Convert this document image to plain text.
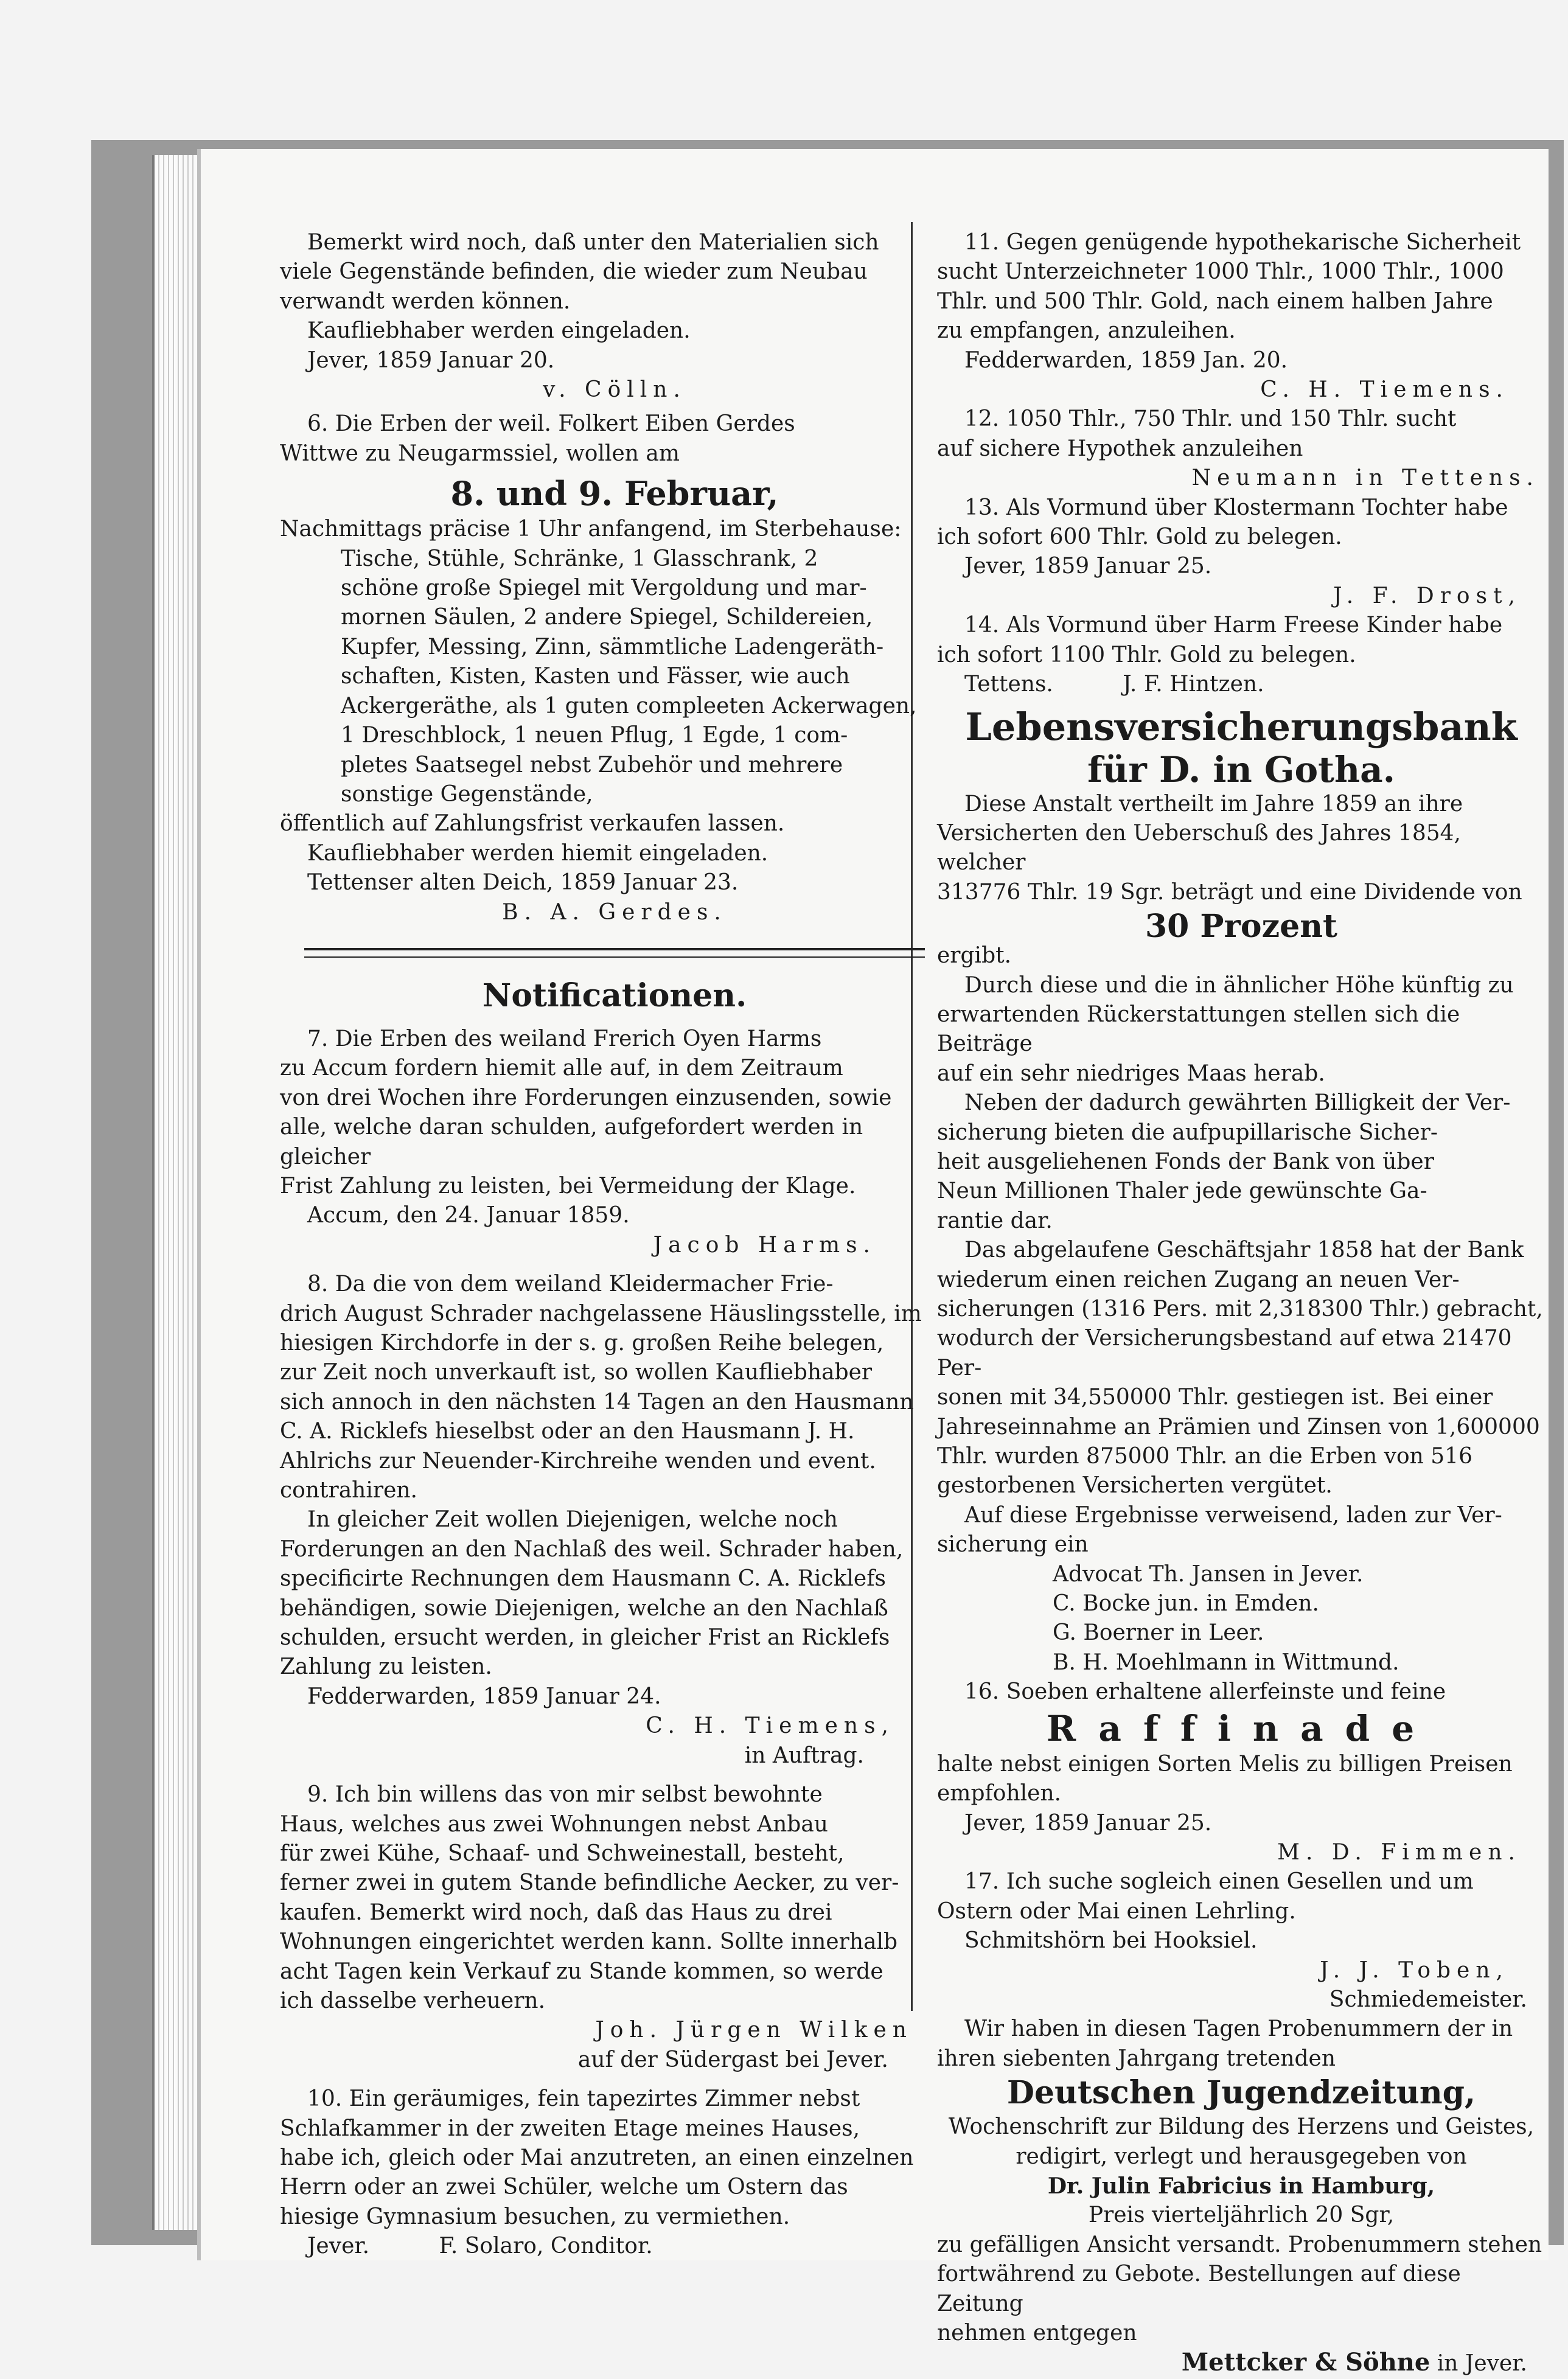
Bemerkt wird noch, daß unter den Materialien sich

viele Gegenstände befinden, die wieder zum Neubau

verwandt werden können.

Kaufliebhaber werden eingeladen.

Jever, 1859 Januar 20.

v. Cölln.

6. Die Erben der weil. Folkert Eiben Gerdes

Wittwe zu Neugarmssiel, wollen am

8. und 9. Februar,

Nachmittags präcise 1 Uhr anfangend, im Sterbehause:

Tische, Stühle, Schränke, 1 Glasschrank, 2

schöne große Spiegel mit Vergoldung und mar-

mornen Säulen, 2 andere Spiegel, Schildereien,

Kupfer, Messing, Zinn, sämmtliche Ladengeräth-

schaften, Kisten, Kasten und Fässer, wie auch

Ackergeräthe, als 1 guten compleeten Ackerwagen,

1 Dreschblock, 1 neuen Pflug, 1 Egde, 1 com-

pletes Saatsegel nebst Zubehör und mehrere

sonstige Gegenstände,

öffentlich auf Zahlungsfrist verkaufen lassen.

Kaufliebhaber werden hiemit eingeladen.

Tettenser alten Deich, 1859 Januar 23.

B. A. Gerdes.

Notificationen.

7. Die Erben des weiland Frerich Oyen Harms

zu Accum fordern hiemit alle auf, in dem Zeitraum

von drei Wochen ihre Forderungen einzusenden, sowie

alle, welche daran schulden, aufgefordert werden in gleicher

Frist Zahlung zu leisten, bei Vermeidung der Klage.

Accum, den 24. Januar 1859.

Jacob Harms.

8. Da die von dem weiland Kleidermacher Frie-

drich August Schrader nachgelassene Häuslingsstelle, im

hiesigen Kirchdorfe in der s. g. großen Reihe belegen,

zur Zeit noch unverkauft ist, so wollen Kaufliebhaber

sich annoch in den nächsten 14 Tagen an den Hausmann

C. A. Ricklefs hieselbst oder an den Hausmann J. H.

Ahlrichs zur Neuender-Kirchreihe wenden und event.

contrahiren.

In gleicher Zeit wollen Diejenigen, welche noch

Forderungen an den Nachlaß des weil. Schrader haben,

specificirte Rechnungen dem Hausmann C. A. Ricklefs

behändigen, sowie Diejenigen, welche an den Nachlaß

schulden, ersucht werden, in gleicher Frist an Ricklefs

Zahlung zu leisten.

Fedderwarden, 1859 Januar 24.

C. H. Tiemens,

in Auftrag.

9. Ich bin willens das von mir selbst bewohnte

Haus, welches aus zwei Wohnungen nebst Anbau

für zwei Kühe, Schaaf- und Schweinestall, besteht,

ferner zwei in gutem Stande befindliche Aecker, zu ver-

kaufen. Bemerkt wird noch, daß das Haus zu drei

Wohnungen eingerichtet werden kann. Sollte innerhalb

acht Tagen kein Verkauf zu Stande kommen, so werde

ich dasselbe verheuern.

Joh. Jürgen Wilken

auf der Südergast bei Jever.

10. Ein geräumiges, fein tapezirtes Zimmer nebst

Schlafkammer in der zweiten Etage meines Hauses,

habe ich, gleich oder Mai anzutreten, an einen einzelnen

Herrn oder an zwei Schüler, welche um Ostern das

hiesige Gymnasium besuchen, zu vermiethen.

Jever.          F. Solaro, Conditor.

11. Gegen genügende hypothekarische Sicherheit

sucht Unterzeichneter 1000 Thlr., 1000 Thlr., 1000

Thlr. und 500 Thlr. Gold, nach einem halben Jahre

zu empfangen, anzuleihen.

Fedderwarden, 1859 Jan. 20.

C. H. Tiemens.

12. 1050 Thlr., 750 Thlr. und 150 Thlr. sucht

auf sichere Hypothek anzuleihen

Neumann in Tettens.

13. Als Vormund über Klostermann Tochter habe

ich sofort 600 Thlr. Gold zu belegen.

Jever, 1859 Januar 25.

J. F. Drost,

14. Als Vormund über Harm Freese Kinder habe

ich sofort 1100 Thlr. Gold zu belegen.

Tettens.          J. F. Hintzen.

Lebensversicherungsbank

für D. in Gotha.

Diese Anstalt vertheilt im Jahre 1859 an ihre

Versicherten den Ueberschuß des Jahres 1854, welcher

313776 Thlr. 19 Sgr. beträgt und eine Dividende von

30 Prozent

ergibt.

Durch diese und die in ähnlicher Höhe künftig zu

erwartenden Rückerstattungen stellen sich die Beiträge

auf ein sehr niedriges Maas herab.

Neben der dadurch gewährten Billigkeit der Ver-

sicherung bieten die aufpupillarische Sicher-

heit ausgeliehenen Fonds der Bank von über

Neun Millionen Thaler jede gewünschte Ga-

rantie dar.

Das abgelaufene Geschäftsjahr 1858 hat der Bank

wiederum einen reichen Zugang an neuen Ver-

sicherungen (1316 Pers. mit 2,318300 Thlr.) gebracht,

wodurch der Versicherungsbestand auf etwa 21470 Per-

sonen mit 34,550000 Thlr. gestiegen ist. Bei einer

Jahreseinnahme an Prämien und Zinsen von 1,600000

Thlr. wurden 875000 Thlr. an die Erben von 516

gestorbenen Versicherten vergütet.

Auf diese Ergebnisse verweisend, laden zur Ver-

sicherung ein

Advocat Th. Jansen in Jever.

C. Bocke jun. in Emden.

G. Boerner in Leer.

B. H. Moehlmann in Wittmund.

16. Soeben erhaltene allerfeinste und feine

Raffinade

halte nebst einigen Sorten Melis zu billigen Preisen

empfohlen.

Jever, 1859 Januar 25.

M. D. Fimmen.

17. Ich suche sogleich einen Gesellen und um

Ostern oder Mai einen Lehrling.

Schmitshörn bei Hooksiel.

J. J. Toben,

Schmiedemeister.

Wir haben in diesen Tagen Probenummern der in

ihren siebenten Jahrgang tretenden

Deutschen Jugendzeitung,

Wochenschrift zur Bildung des Herzens und Geistes,

redigirt, verlegt und herausgegeben von

Dr. Julin Fabricius in Hamburg,

Preis vierteljährlich 20 Sgr,

zu gefälligen Ansicht versandt. Probenummern stehen

fortwährend zu Gebote. Bestellungen auf diese Zeitung

nehmen entgegen

Mettcker & Söhne in Jever.
